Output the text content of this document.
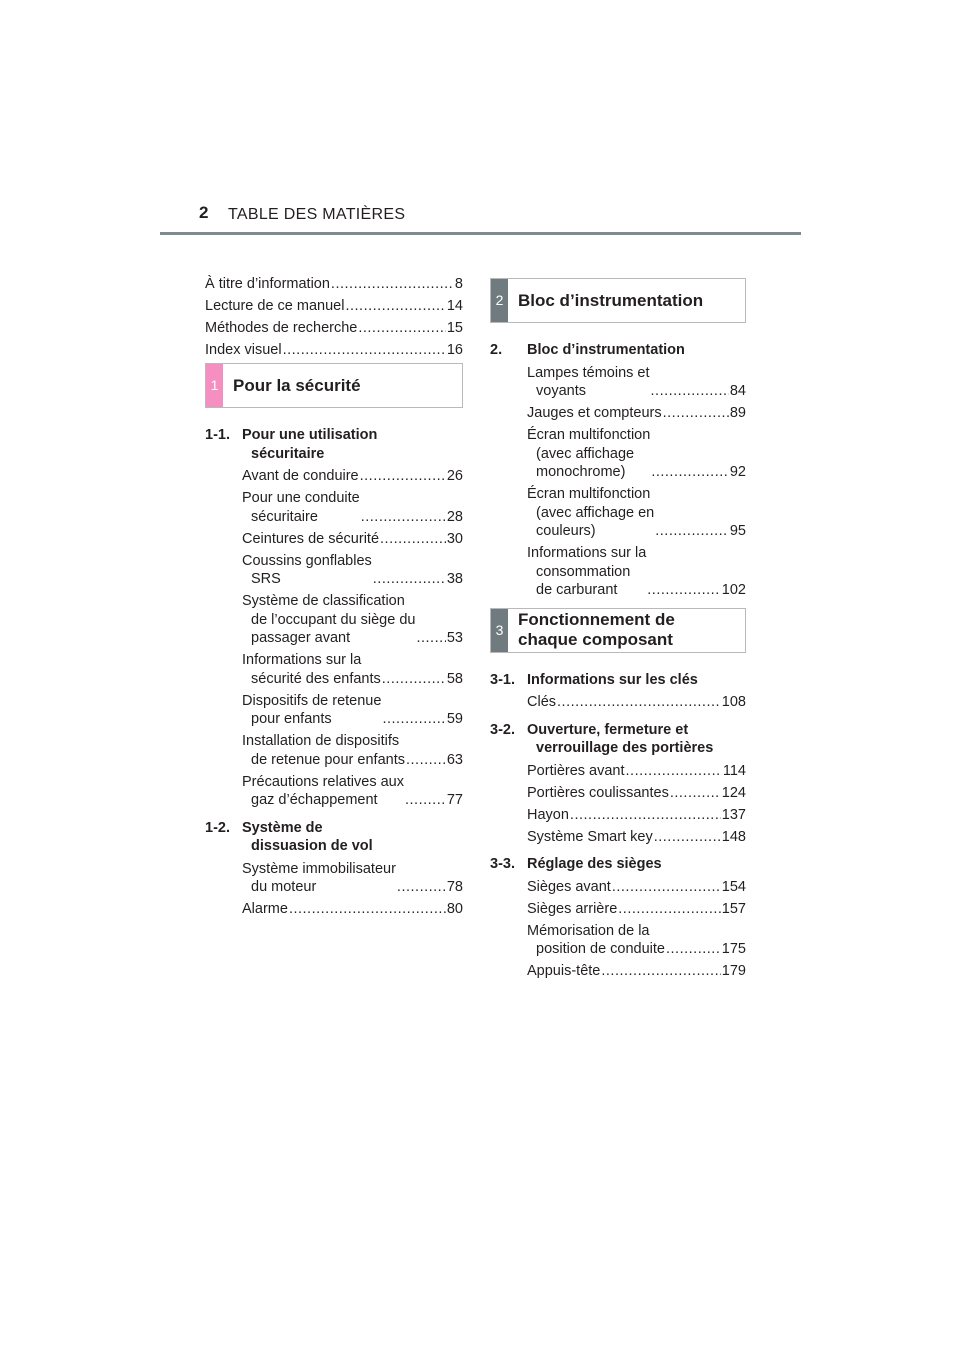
2 TABLE DES MATIÈRES
À titre d’information .....	8
Lecture de ce manuel .....	14
Méthodes de recherche .....	15
Index visuel .....	16
1 Pour la sécurité
1-1. Pour une utilisation
sécuritaire
Avant de conduire .....	26
Pour une conduite
sécuritaire .....	28
Ceintures de sécurité .....	30
Coussins gonflables
SRS .....	38
Système de classification
de l’occupant du siège du
passager avant .....	53
Informations sur la
sécurité des enfants .....	58
Dispositifs de retenue
pour enfants .....	59
Installation de dispositifs
de retenue pour enfants .....	63
Précautions relatives aux
gaz d’échappement .....	77
1-2. Système de
dissuasion de vol
Système immobilisateur
du moteur .....	78
Alarme .....	80
2 Bloc d’instrumentation
2.	Bloc d’instrumentation
Lampes témoins et
voyants .....	84
Jauges et compteurs .....	89
Écran multifonction
(avec affichage
monochrome) .....	92
Écran multifonction
(avec affichage en
couleurs) .....	95
Informations sur la
consommation
de carburant .....	102
3
Fonctionnement de
chaque composant
3-1. Informations sur les clés
Clés .....	108
3-2. Ouverture, fermeture et
verrouillage des portières
Portières avant .....	114
Portières coulissantes .....	124
Hayon .....	137
Système Smart key .....	148
3-3. Réglage des sièges
Sièges avant .....	154
Sièges arrière .....	157
Mémorisation de la
position de conduite .....	175
Appuis-tête .....	179
